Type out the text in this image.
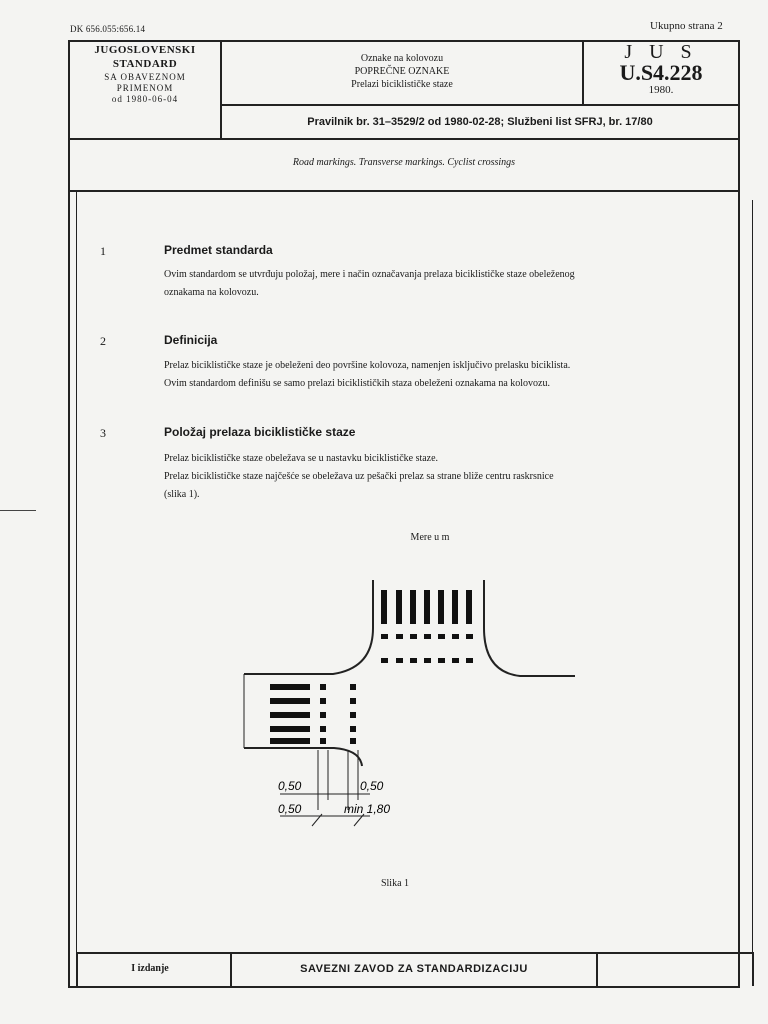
DK 656.055:656.14	Ukupno strana 2
JUGOSLOVENSKI
STANDARD
SA OBAVEZNOM
PRIMENOM
od 1980-06-04
Oznake na kolovozu
POPREČNE OZNAKE
Prelazi biciklističke staze
J U S
U.S4.228
1980.
Pravilnik br. 31–3529/2 od 1980-02-28; Službeni list SFRJ, br. 17/80
Road markings. Transverse markings. Cyclist crossings
1	Predmet standarda
Ovim standardom se utvrđuju položaj, mere i način označavanja prelaza biciklističke staze obeleženog
oznakama na kolovozu.
2	Definicija
Prelaz biciklističke staze je obeleženi deo površine kolovoza, namenjen isključivo prelasku biciklista.
Ovim standardom definišu se samo prelazi biciklističkih staza obeleženi oznakama na kolovozu.
3	Položaj prelaza biciklističke staze
Prelaz biciklističke staze obeležava se u nastavku biciklističke staze.
Prelaz biciklističke staze najčešće se obeležava uz pešački prelaz sa strane bliže centru raskrsnice
(slika 1).
Mere u m
0,50	0,50
0,50	min 1,80
Slika 1
I izdanje	SAVEZNI ZAVOD ZA STANDARDIZACIJU
